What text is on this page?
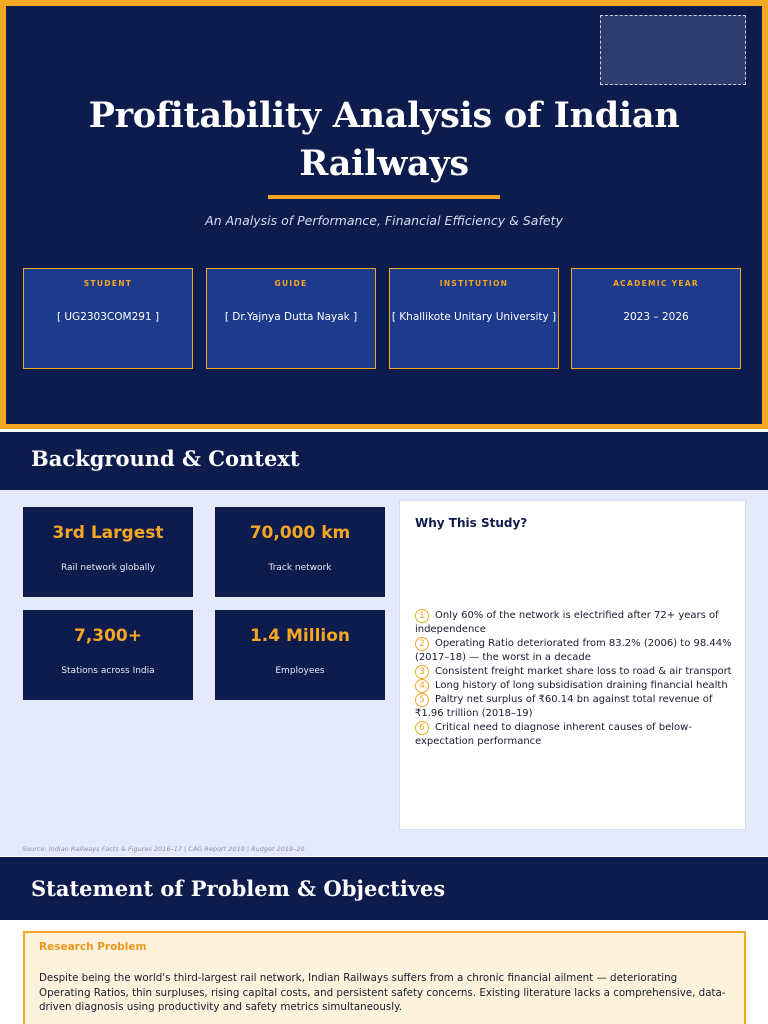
Profitability Analysis of Indian Railways

An Analysis of Performance, Financial Efficiency & Safety

STUDENT
[ UG2303COM291 ]
GUIDE
[ Dr.Yajnya Dutta Nayak ]
INSTITUTION
[ Khallikote Unitary University ]
ACADEMIC YEAR
2023 – 2026
Background & Context
3rd Largest
Rail network globally
70,000 km
Track network
7,300+
Stations across India
1.4 Million
Employees
Why This Study?
1 Only 60% of the network is electrified after 72+ years of independence
2 Operating Ratio deteriorated from 83.2% (2006) to 98.44% (2017–18) — the worst in a decade
3 Consistent freight market share loss to road & air transport
4 Long history of long subsidisation draining financial health
5 Paltry net surplus of ₹60.14 bn against total revenue of ₹1.96 trillion (2018–19)
6 Critical need to diagnose inherent causes of below-expectation performance
Source: Indian Railways Facts & Figures 2016–17 | CAG Report 2019 | Budget 2019–20
Statement of Problem & Objectives
Research Problem

Despite being the world's third-largest rail network, Indian Railways suffers from a chronic financial ailment — deteriorating Operating Ratios, thin surpluses, rising capital costs, and persistent safety concerns. Existing literature lacks a comprehensive, data-driven diagnosis using productivity and safety metrics simultaneously.
